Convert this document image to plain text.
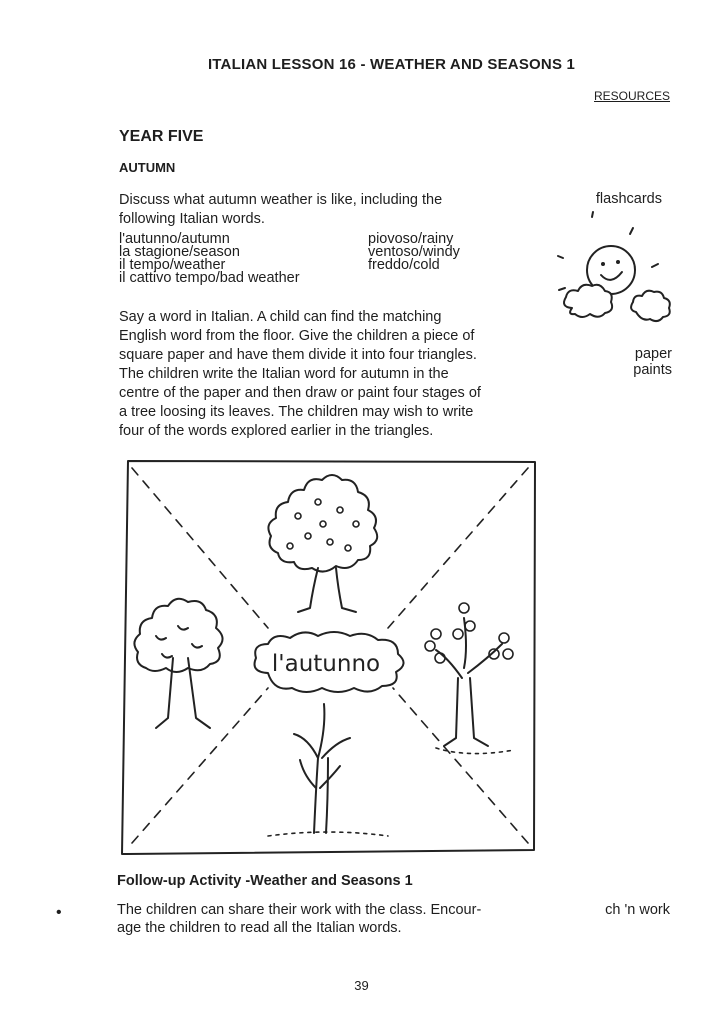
ITALIAN LESSON 16 - WEATHER AND SEASONS 1
RESOURCES
YEAR FIVE
AUTUMN
Discuss what autumn weather is like, including the
following Italian words.
l'autunno/autumn
la stagione/season
il tempo/weather
il cattivo tempo/bad weather
piovoso/rainy
ventoso/windy
freddo/cold
Say a word in Italian. A child can find the matching
English word from the floor. Give the children a piece of
square paper and have them divide it into four triangles.
The children write the Italian word for autumn in the
centre of the paper and then draw or paint four stages of
a tree loosing its leaves. The children may wish to write
four of the words explored earlier in the triangles.
flashcards
paper
paints
l'autunno
Follow-up Activity -Weather and Seasons 1
•	The children can share their work with the class. Encour-
age the children to read all the Italian words.
ch 'n work
39
